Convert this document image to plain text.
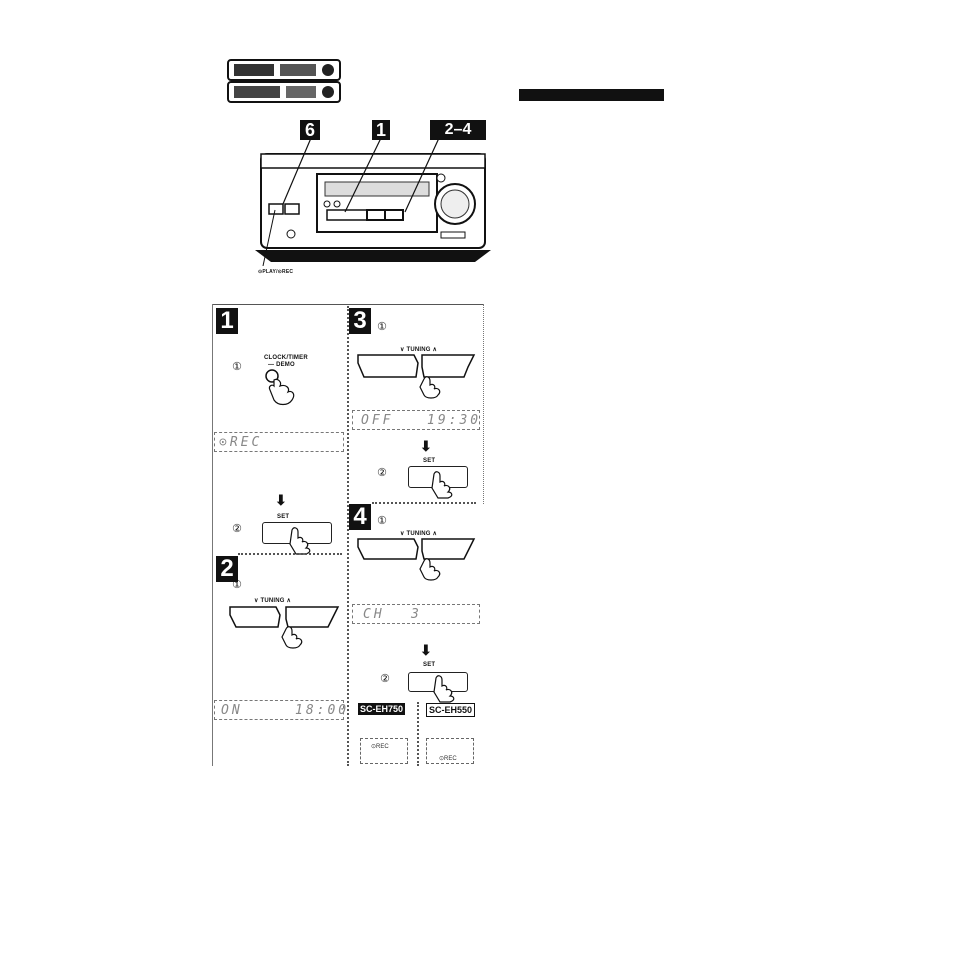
6	1	2–4
⊙PLAY/⊙REC
1
①
CLOCK/TIMER
— DEMO
⊙REC
⬇
SET
②
2
①
∨ TUNING ∧
ON	18:00
3 ①
∨ TUNING ∧
OFF	19:30
⬇
SET
②
4 ①
∨ TUNING ∧
CH 3
⬇
SET
②
SC-EH750	SC-EH550
⊙REC
⊙REC
